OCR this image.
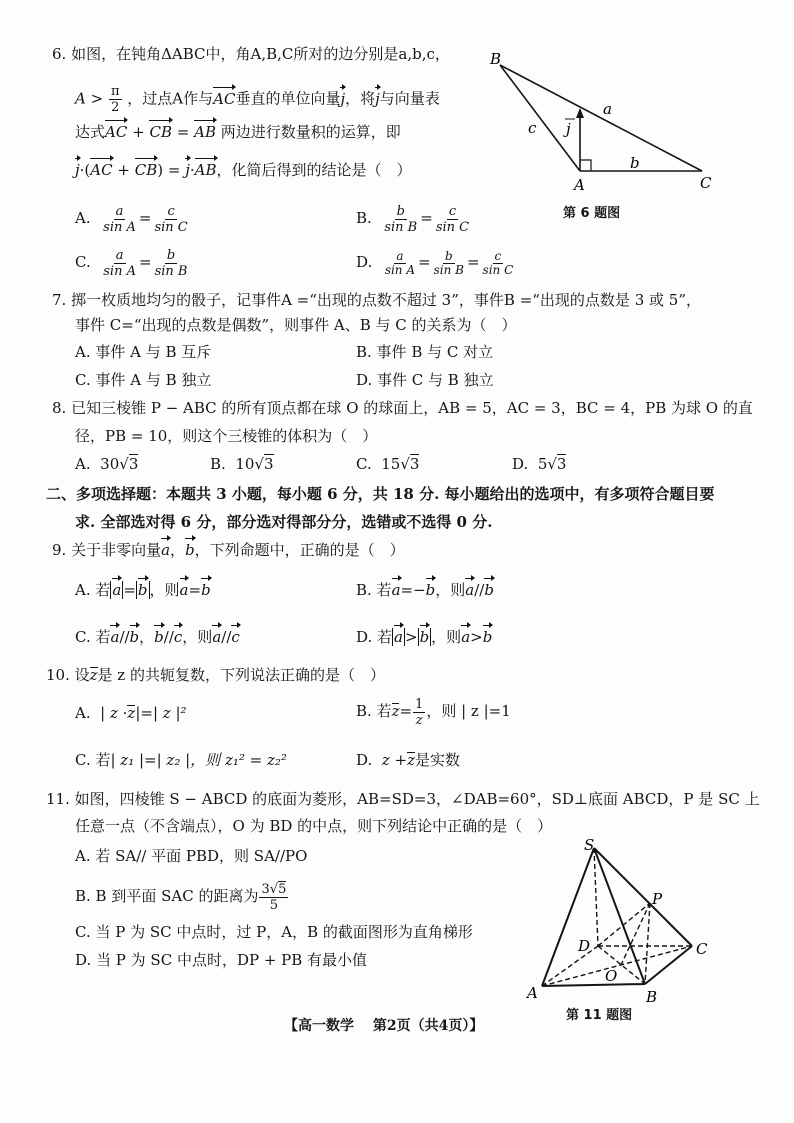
6. 如图，在钝角ΔABC中，角A,B,C所对的边分别是a,b,c，
$A > \frac{\pi}{2}$ ，过点A作与AC垂直的单位向量j，将j与向量表
达式AC + CB = AB 两边进行数量积的运算，即
j·(AC + CB) = j·AB，化简后得到的结论是（　）
A. $\frac{a}{\text{sin A}} = \frac{c}{\text{sin C}}$	B. $\frac{b}{\text{sin B}} = \frac{c}{\text{sin C}}$
C. $\frac{a}{\text{sin A}} = \frac{b}{\text{sin B}}$	D. $\frac{a}{\text{sin A}} = \frac{b}{\text{sin B}} = \frac{c}{\text{sin C}}$
B
A	C
a
b
c j
第 6 题图
7. 掷一枚质地均匀的骰子，记事件A =“出现的点数不超过 3”，事件B =“出现的点数是 3 或 5”，
事件 C=“出现的点数是偶数”，则事件 A、B 与 C 的关系为（　）
A. 事件 A 与 B 互斥	B. 事件 B 与 C 对立
C. 事件 A 与 B 独立	D. 事件 C 与 B 独立
8. 已知三棱锥 P − ABC 的所有顶点都在球 O 的球面上，AB = 5，AC = 3，BC = 4，PB 为球 O 的直
径，PB = 10，则这个三棱锥的体积为（　）
A. 30√3	B. 10√3	C. 15√3	D. 5√3
二、多项选择题：本题共 3 小题，每小题 6 分，共 18 分. 每小题给出的选项中，有多项符合题目要
求. 全部选对得 6 分，部分选对得部分分，选错或不选得 0 分.
9. 关于非零向量a，b，下列命题中，正确的是（　）
A. 若 a = b ，则a=b	B. 若a=−b，则a//b
C. 若a//b，b//c，则a//c	D. 若 a > b ，则a>b
10. 设z是 z 的共轭复数，下列说法正确的是（　）
A. | z ·z|=| z |²	B. 若$z= \frac{1}{z}$ ，则 | z |=1
C. 若| z₁ |=| z₂ |，则 z₁² = z₂²	D. z +z是实数
11. 如图，四棱锥 S − ABCD 的底面为菱形，AB=SD=3，∠DAB=60°，SD⊥底面 ABCD，P 是 SC 上
任意一点（不含端点），O 为 BD 的中点，则下列结论中正确的是（　）
A. 若 SA// 平面 PBD，则 SA//PO
B. B 到平面 SAC 的距离为 $\frac{3√5}{5}$
C. 当 P 为 SC 中点时，过 P，A，B 的截面图形为直角梯形
D. 当 P 为 SC 中点时，DP + PB 有最小值
S
P
D	C
O
A	B
第 11 题图
【高一数学　 第2页（共4页）】
